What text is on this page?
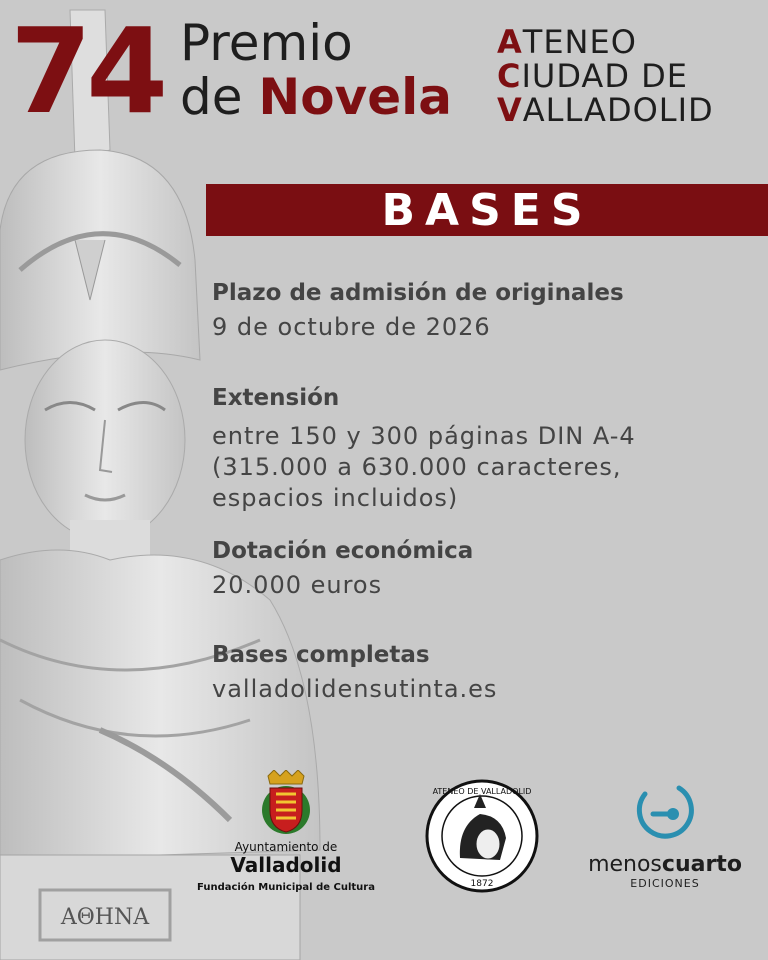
ΑΘΗΝΑ
74 Premio
de Novela
ATENEO
CIUDAD DE
VALLADOLID
BASES
Plazo de admisión de originales
9 de octubre de 2026
Extensión
entre 150 y 300 páginas DIN A-4
(315.000 a 630.000 caracteres,
espacios incluidos)
Dotación económica
20.000 euros
Bases completas
valladolidensutinta.es
Ayuntamiento de
Valladolid
Fundación Municipal de Cultura
ATENEO DE VALLADOLID
1872
menoscuarto
EDICIONES
